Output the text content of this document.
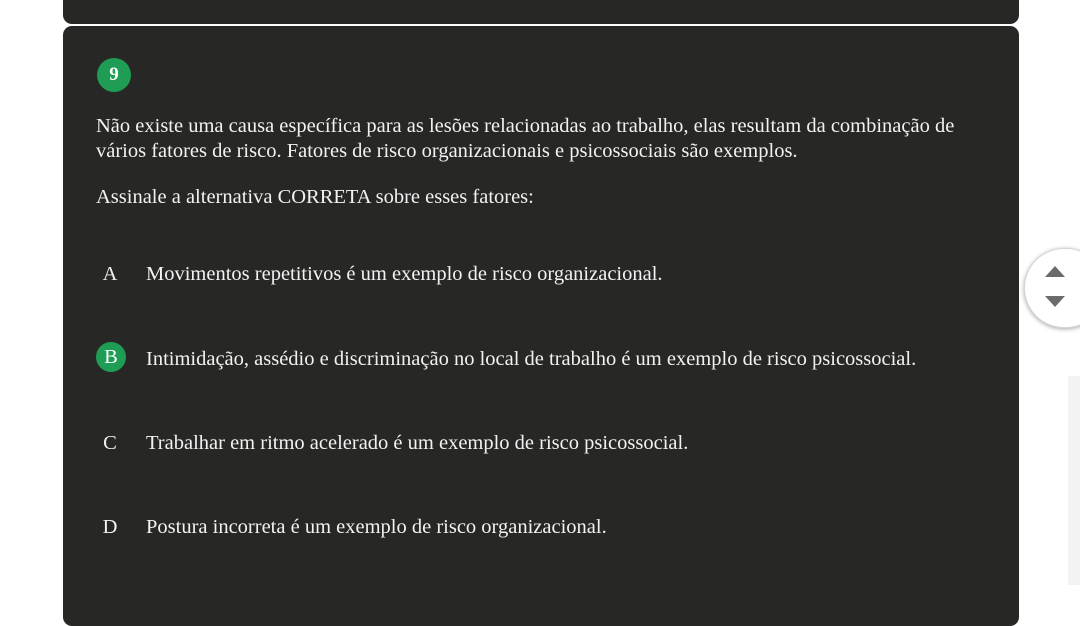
9

Não existe uma causa específica para as lesões relacionadas ao trabalho, elas resultam da combinação de vários fatores de risco. Fatores de risco organizacionais e psicossociais são exemplos.

Assinale a alternativa CORRETA sobre esses fatores:

A	Movimentos repetitivos é um exemplo de risco organizacional.
B	Intimidação, assédio e discriminação no local de trabalho é um exemplo de risco psicossocial.
C	Trabalhar em ritmo acelerado é um exemplo de risco psicossocial.
D	Postura incorreta é um exemplo de risco organizacional.
